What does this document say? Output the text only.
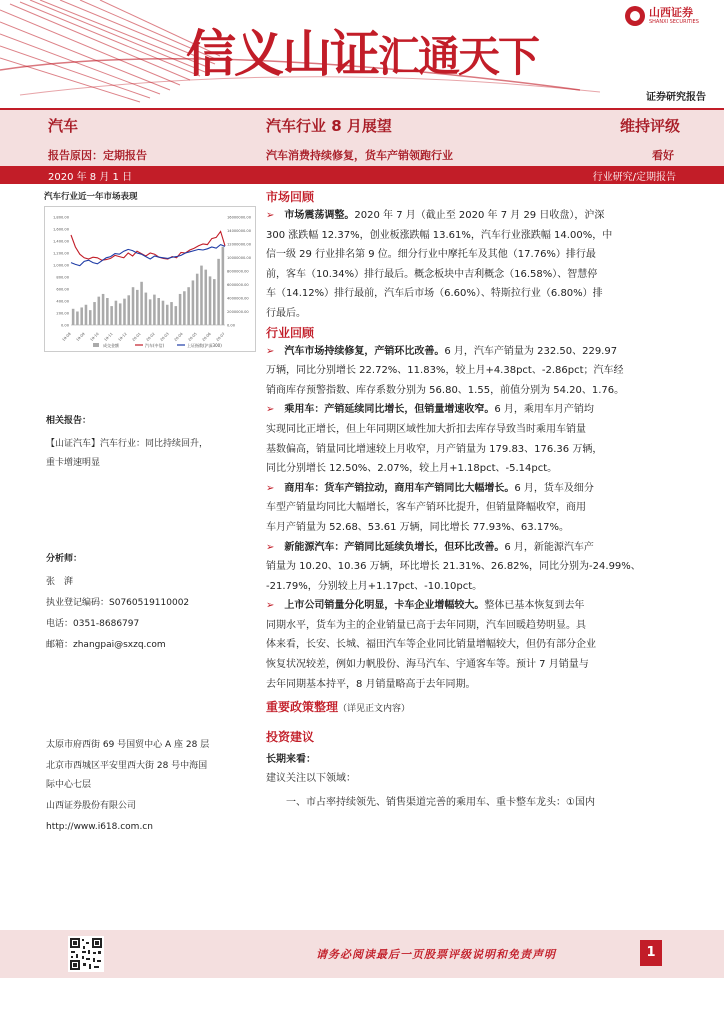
信义山证汇通天下
山西证券
SHANXI SECURITIES
证券研究报告
汽车	汽车行业 8 月展望	维持评级
报告原因：定期报告	汽车消费持续修复，货车产销领跑行业	看好
2020 年 8 月 1 日	行业研究/定期报告
汽车行业近一年市场表现
1,800.00
1,600.00
1,400.00
1,200.00
1,000.00
800.00
600.00
400.00
200.00
0.00
16000000.00
14000000.00
12000000.00
10000000.00
8000000.00
6000000.00
4000000.00
2000000.00
0.00
19-08 19-09 19-10 19-11 19-12 20-01 20-02 20-03 20-04 20-05 20-06 20-07
成交金额	汽车(中信)	上证指数(沪深300)
相关报告：
【山证汽车】汽车行业：同比持续回升，
重卡增速明显
分析师：
张　湃
执业登记编码：S0760519110002
电话：0351-8686797
邮箱：zhangpai@sxzq.com
太原市府西街 69 号国贸中心 A 座 28 层
北京市西城区平安里西大街 28 号中海国
际中心七层
山西证券股份有限公司
http://www.i618.com.cn
市场回顾
➢ 市场震荡调整。2020 年 7 月（截止至 2020 年 7 月 29 日收盘），沪深
300 涨跌幅 12.37%，创业板涨跌幅 13.61%，汽车行业涨跌幅 14.00%，中
信一级 29 行业排名第 9 位。细分行业中摩托车及其他（17.76%）排行最
前，客车（10.34%）排行最后。概念板块中吉利概念（16.58%）、智慧停
车（14.12%）排行最前，汽车后市场（6.60%）、特斯拉行业（6.80%）排
行最后。
行业回顾
➢ 汽车市场持续修复，产销环比改善。6 月，汽车产销量为 232.50、229.97
万辆，同比分别增长 22.72%、11.83%，较上月+4.38pct、-2.86pct；汽车经
销商库存预警指数、库存系数分别为 56.80、1.55，前值分别为 54.20、1.76。
➢ 乘用车：产销延续同比增长，但销量增速收窄。6 月，乘用车月产销均
实现同比正增长，但上年同期区域性加大折扣去库存导致当时乘用车销量
基数偏高，销量同比增速较上月收窄，月产销量为 179.83、176.36 万辆，
同比分别增长 12.50%、2.07%，较上月+1.18pct、-5.14pct。
➢ 商用车：货车产销拉动，商用车产销同比大幅增长。6 月，货车及细分
车型产销量均同比大幅增长，客车产销环比提升，但销量降幅收窄，商用
车月产销量为 52.68、53.61 万辆，同比增长 77.93%、63.17%。
➢ 新能源汽车：产销同比延续负增长，但环比改善。6 月，新能源汽车产
销量为 10.20、10.36 万辆，环比增长 21.31%、26.82%，同比分别为-24.99%、
-21.79%，分别较上月+1.17pct、-10.10pct。
➢ 上市公司销量分化明显，卡车企业增幅较大。整体已基本恢复到去年
同期水平，货车为主的企业销量已高于去年同期，汽车回暖趋势明显。具
体来看，长安、长城、福田汽车等企业同比销量增幅较大，但仍有部分企业
恢复状况较差，例如力帆股份、海马汽车、宇通客车等。预计 7 月销量与
去年同期基本持平，8 月销量略高于去年同期。
重要政策整理（详见正文内容）
投资建议
长期来看：
建议关注以下领域：
一、市占率持续领先、销售渠道完善的乘用车、重卡整车龙头：①国内
请务必阅读最后一页股票评级说明和免责声明	1
